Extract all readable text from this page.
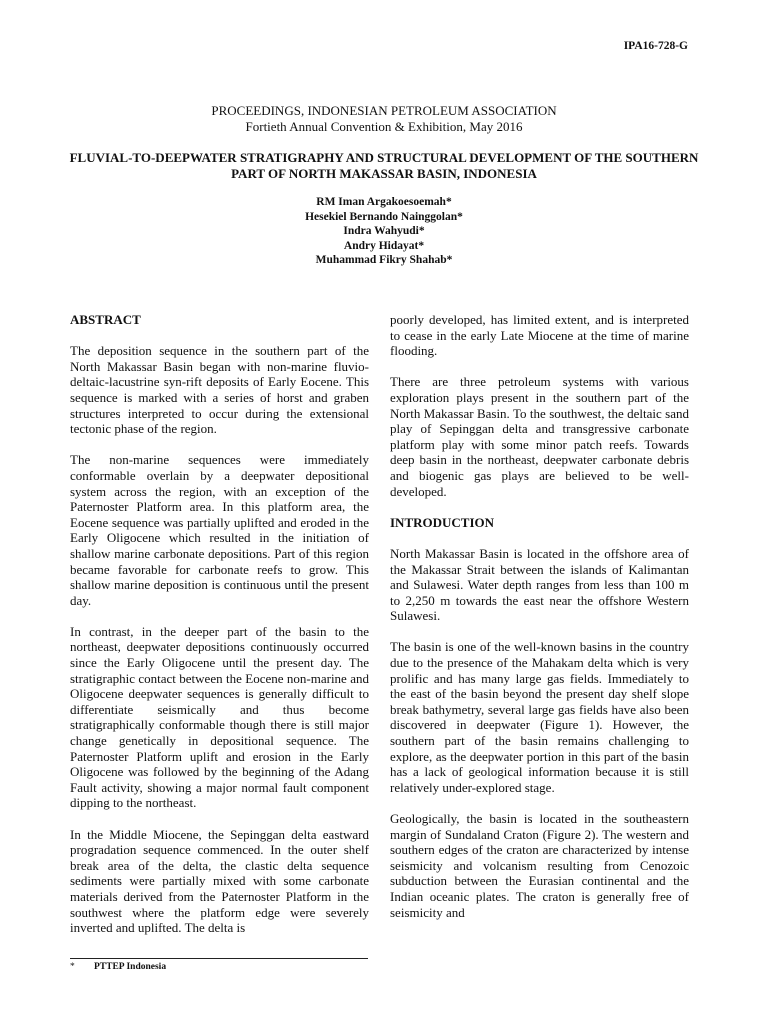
IPA16-728-G
PROCEEDINGS, INDONESIAN PETROLEUM ASSOCIATION
Fortieth Annual Convention & Exhibition, May 2016
FLUVIAL-TO-DEEPWATER STRATIGRAPHY AND STRUCTURAL DEVELOPMENT OF THE SOUTHERN PART OF NORTH MAKASSAR BASIN, INDONESIA
RM Iman Argakoesoemah*
Hesekiel Bernando Nainggolan*
Indra Wahyudi*
Andry Hidayat*
Muhammad Fikry Shahab*
ABSTRACT

The deposition sequence in the southern part of the North Makassar Basin began with non-marine fluvio-deltaic-lacustrine syn-rift deposits of Early Eocene. This sequence is marked with a series of horst and graben structures interpreted to occur during the extensional tectonic phase of the region.

The non-marine sequences were immediately conformable overlain by a deepwater depositional system across the region, with an exception of the Paternoster Platform area. In this platform area, the Eocene sequence was partially uplifted and eroded in the Early Oligocene which resulted in the initiation of shallow marine carbonate depositions. Part of this region became favorable for carbonate reefs to grow. This shallow marine deposition is continuous until the present day.

In contrast, in the deeper part of the basin to the northeast, deepwater depositions continuously occurred since the Early Oligocene until the present day. The stratigraphic contact between the Eocene non-marine and Oligocene deepwater sequences is generally difficult to differentiate seismically and thus become stratigraphically conformable though there is still major change genetically in depositional sequence. The Paternoster Platform uplift and erosion in the Early Oligocene was followed by the beginning of the Adang Fault activity, showing a major normal fault component dipping to the northeast.

In the Middle Miocene, the Sepinggan delta eastward progradation sequence commenced. In the outer shelf break area of the delta, the clastic delta sequence sediments were partially mixed with some carbonate materials derived from the Paternoster Platform in the southwest where the platform edge were severely inverted and uplifted. The delta is

poorly developed, has limited extent, and is interpreted to cease in the early Late Miocene at the time of marine flooding.

There are three petroleum systems with various exploration plays present in the southern part of the North Makassar Basin. To the southwest, the deltaic sand play of Sepinggan delta and transgressive carbonate platform play with some minor patch reefs. Towards deep basin in the northeast, deepwater carbonate debris and biogenic gas plays are believed to be well-developed.

INTRODUCTION

North Makassar Basin is located in the offshore area of the Makassar Strait between the islands of Kalimantan and Sulawesi. Water depth ranges from less than 100 m to 2,250 m towards the east near the offshore Western Sulawesi.

The basin is one of the well-known basins in the country due to the presence of the Mahakam delta which is very prolific and has many large gas fields. Immediately to the east of the basin beyond the present day shelf slope break bathymetry, several large gas fields have also been discovered in deepwater (Figure 1). However, the southern part of the basin remains challenging to explore, as the deepwater portion in this part of the basin has a lack of geological information because it is still relatively under-explored stage.

Geologically, the basin is located in the southeastern margin of Sundaland Craton (Figure 2). The western and southern edges of the craton are characterized by intense seismicity and volcanism resulting from Cenozoic subduction between the Eurasian continental and the Indian oceanic plates. The craton is generally free of seismicity and

* PTTEP Indonesia
